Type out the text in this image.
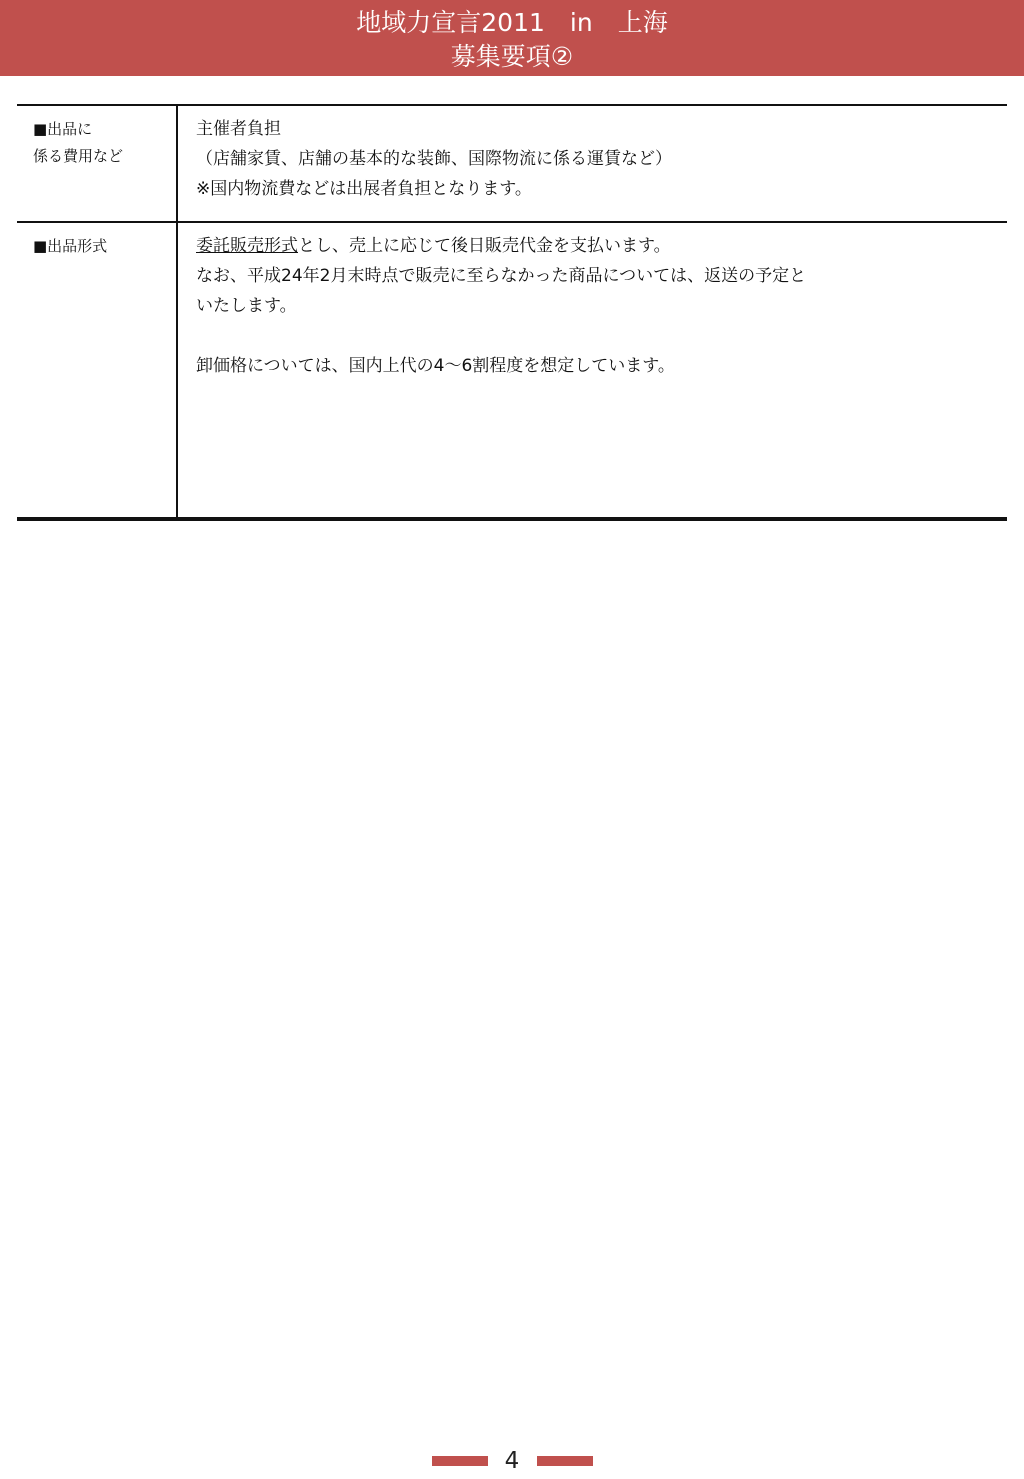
地域力宣言2011　in　上海
募集要項②
■出品に
係る費用など	主催者負担
（店舗家賃、店舗の基本的な装飾、国際物流に係る運賃など）
※国内物流費などは出展者負担となります。

■出品形式	委託販売形式とし、売上に応じて後日販売代金を支払います。
なお、平成24年2月末時点で販売に至らなかった商品については、返送の予定と
いたします。
卸価格については、国内上代の4～6割程度を想定しています。
4
